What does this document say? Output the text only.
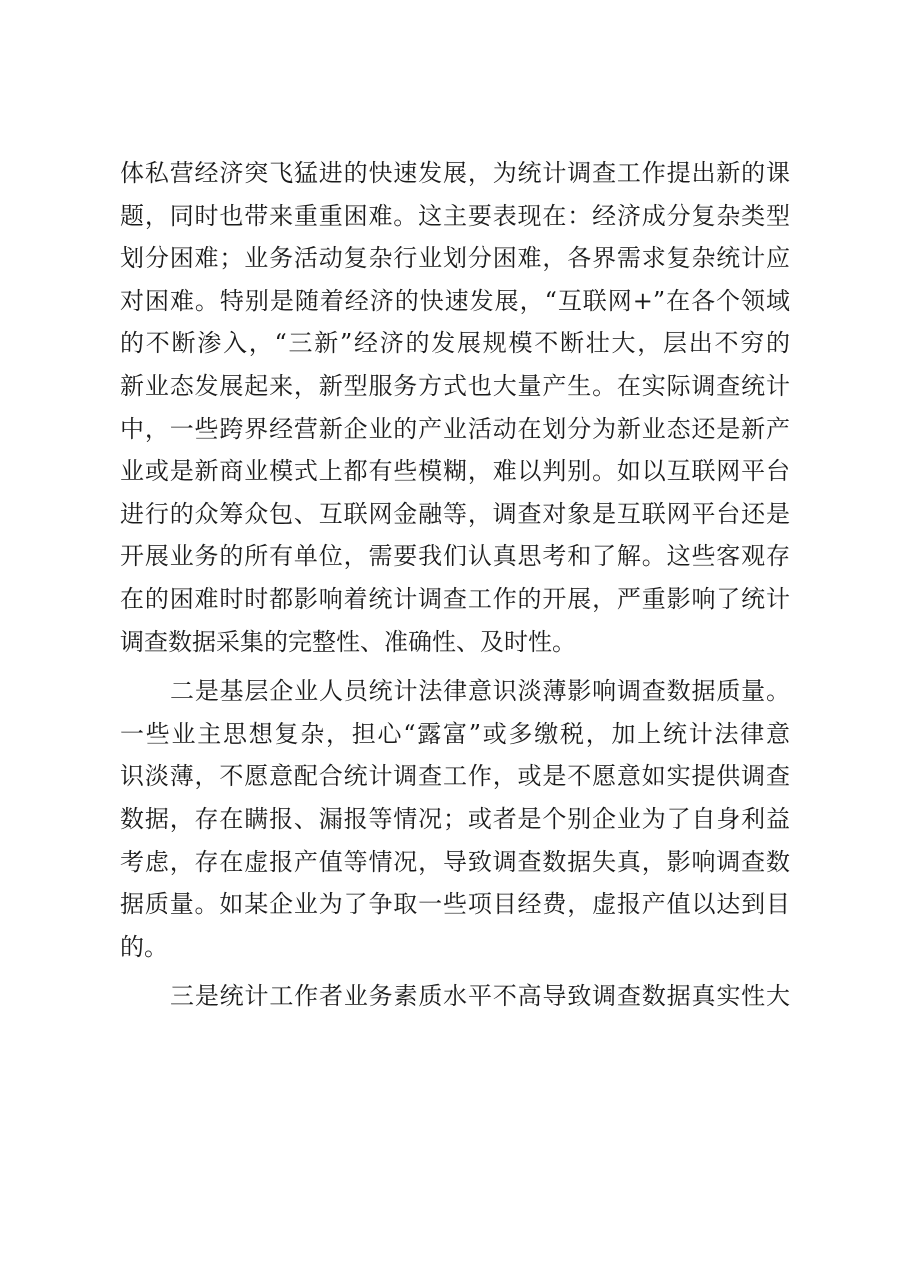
体私营经济突飞猛进的快速发展，为统计调查工作提出新的课
题，同时也带来重重困难。这主要表现在：经济成分复杂类型
划分困难；业务活动复杂行业划分困难，各界需求复杂统计应
对困难。特别是随着经济的快速发展，“互联网+”在各个领域
的不断渗入，“三新”经济的发展规模不断壮大，层出不穷的
新业态发展起来，新型服务方式也大量产生。在实际调查统计
中，一些跨界经营新企业的产业活动在划分为新业态还是新产
业或是新商业模式上都有些模糊，难以判别。如以互联网平台
进行的众筹众包、互联网金融等，调查对象是互联网平台还是
开展业务的所有单位，需要我们认真思考和了解。这些客观存
在的困难时时都影响着统计调查工作的开展，严重影响了统计
调查数据采集的完整性、准确性、及时性。
二是基层企业人员统计法律意识淡薄影响调查数据质量。
一些业主思想复杂，担心“露富”或多缴税，加上统计法律意
识淡薄，不愿意配合统计调查工作，或是不愿意如实提供调查
数据，存在瞒报、漏报等情况；或者是个别企业为了自身利益
考虑，存在虚报产值等情况，导致调查数据失真，影响调查数
据质量。如某企业为了争取一些项目经费，虚报产值以达到目
的。
三是统计工作者业务素质水平不高导致调查数据真实性大
